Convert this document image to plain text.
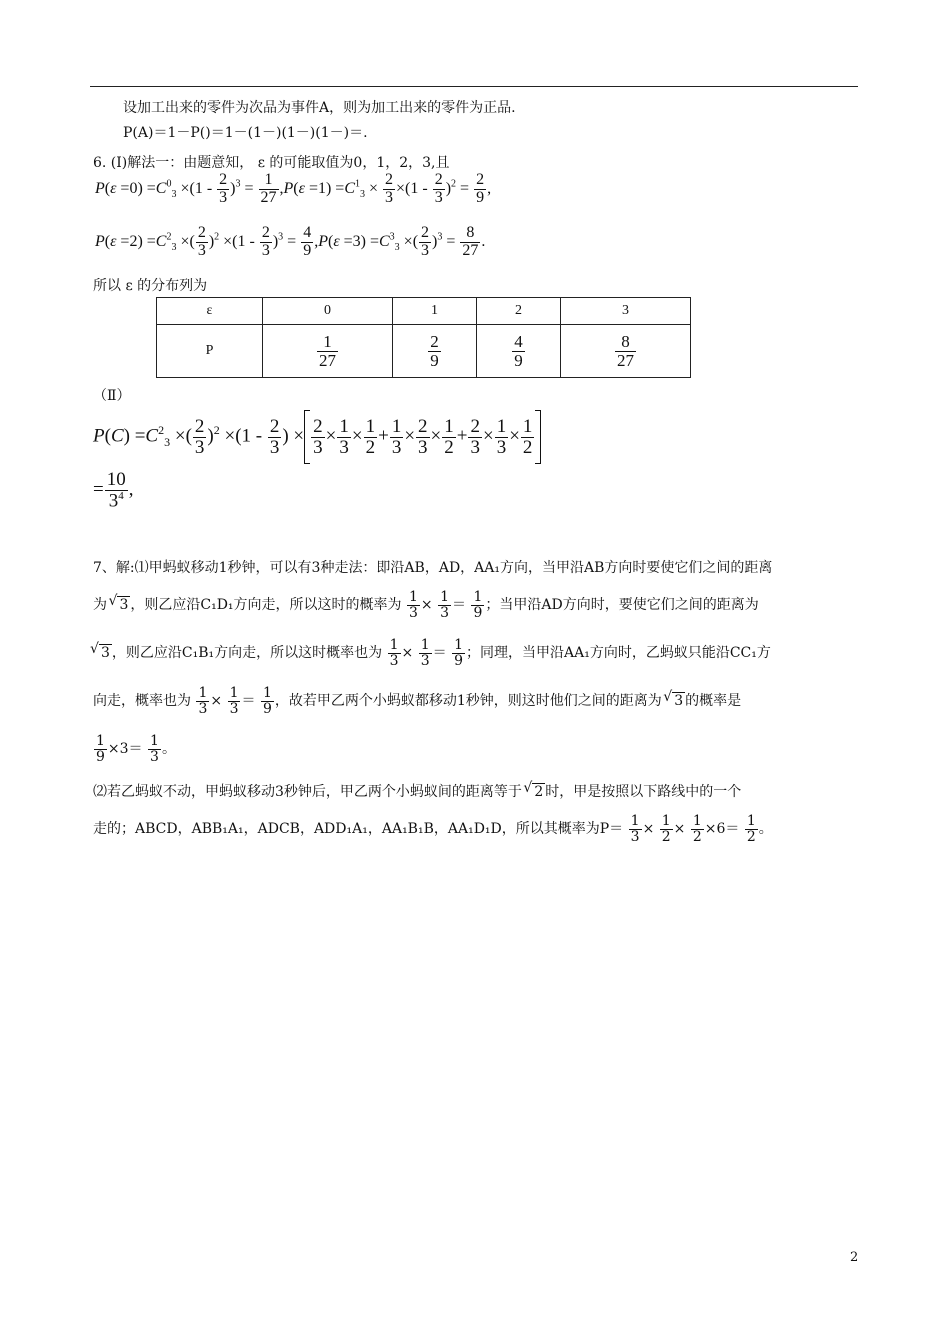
设加工出来的零件为次品为事件A，则为加工出来的零件为正品.
P(A)＝1－P()＝1－(1－)(1－)(1－)＝.
6. (Ⅰ)解法一：由题意知， ε 的可能取值为0，1，2，3,且
$P(\varepsilon =0) =C^0_3 \times(1 - \frac{2}{3} )^3 = \frac{1}{27} ,P(\varepsilon =1) =C^1_3 \times \frac{2}{3} \times(1 - \frac{2}{3} )^2 = \frac{2}{9}$ ,
$P(\varepsilon =2) =C^2_3$ ×( $\frac{2}{3} )^2 \times(1 - \frac{2}{3} )^3 = \frac{4}{9} ,P(\varepsilon =3) =C^3_3$ ×( $\frac{2}{3} )^3 = \frac{8}{27}$ .
所以 ε 的分布列为
ε	0	1	2	3
P	$\frac{1}{27}$	$\frac{2}{9}$	$\frac{4}{9}$	$\frac{8}{27}$
（Ⅱ）
$P(C) =C^2_3$ ×( $\frac{2}{3} )^2 \times(1 - \frac{2}{3}$ ) × $\frac{2}{3} \times \frac{1}{3} \times \frac{1}{2} + \frac{1}{3} \times \frac{2}{3} \times \frac{1}{2} + \frac{2}{3} \times \frac{1}{3} \times \frac{1}{2}$
= $\frac{10}{3^4}$ ,
7、解:⑴甲蚂蚁移动1秒钟，可以有3种走法：即沿AB，AD，AA₁方向，当甲沿AB方向时要使它们之间的距离
为 √ 3 ，则乙应沿C₁D₁方向走，所以这时的概率为 $\frac{1}{3} \times \frac{1}{3} = \frac{1}{9}$ ；当甲沿AD方向时，要使它们之间的距离为
√ 3 ，则乙应沿C₁B₁方向走，所以这时概率也为 $\frac{1}{3} \times \frac{1}{3} = \frac{1}{9}$ ；同理，当甲沿AA₁方向时，乙蚂蚁只能沿CC₁方
向走，概率也为 $\frac{1}{3} \times \frac{1}{3} = \frac{1}{9}$ ，故若甲乙两个小蚂蚁都移动1秒钟，则这时他们之间的距离为 √ 3 的概率是
$\frac{1}{9} \times 3= \frac{1}{3}$ 。
⑵若乙蚂蚁不动，甲蚂蚁移动3秒钟后，甲乙两个小蚂蚁间的距离等于 √ 2 时，甲是按照以下路线中的一个
走的；ABCD，ABB₁A₁，ADCB，ADD₁A₁，AA₁B₁B，AA₁D₁D，所以其概率为$P= \frac{1}{3} \times \frac{1}{2} \times \frac{1}{2} \times 6= \frac{1}{2}$ 。
2
